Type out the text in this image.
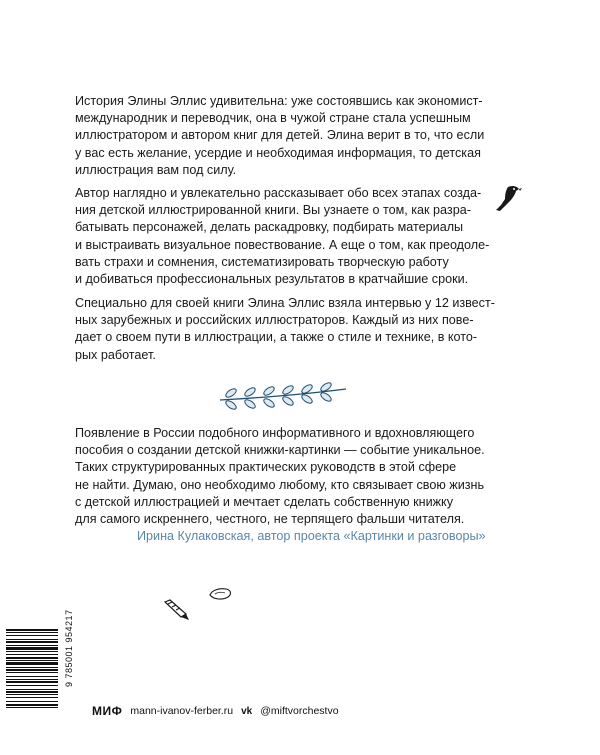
История Элины Эллис удивительна: уже состоявшись как экономист-
международник и переводчик, она в чужой стране стала успешным
иллюстратором и автором книг для детей. Элина верит в то, что если
у вас есть желание, усердие и необходимая информация, то детская
иллюстрация вам под силу.
Автор наглядно и увлекательно рассказывает обо всех этапах созда-
ния детской иллюстрированной книги. Вы узнаете о том, как разра-
батывать персонажей, делать раскадровку, подбирать материалы
и выстраивать визуальное повествование. А еще о том, как преодоле-
вать страхи и сомнения, систематизировать творческую работу
и добиваться профессиональных результатов в кратчайшие сроки.
Специально для своей книги Элина Эллис взяла интервью у 12 извест-
ных зарубежных и российских иллюстраторов. Каждый из них пове-
дает о своем пути в иллюстрации, а также о стиле и технике, в кото-
рых работает.
Появление в России подобного информативного и вдохновляющего
пособия о создании детской книжки-картинки — событие уникальное.
Таких структурированных практических руководств в этой сфере
не найти. Думаю, оно необходимо любому, кто связывает свою жизнь
с детской иллюстрацией и мечтает сделать собственную книжку
для самого искреннего, честного, не терпящего фальши читателя.
Ирина Кулаковская, автор проекта «Картинки и разговоры»
9 785001 954217
МИФ mann-ivanov-ferber.ru vk @miftvorchestvo
